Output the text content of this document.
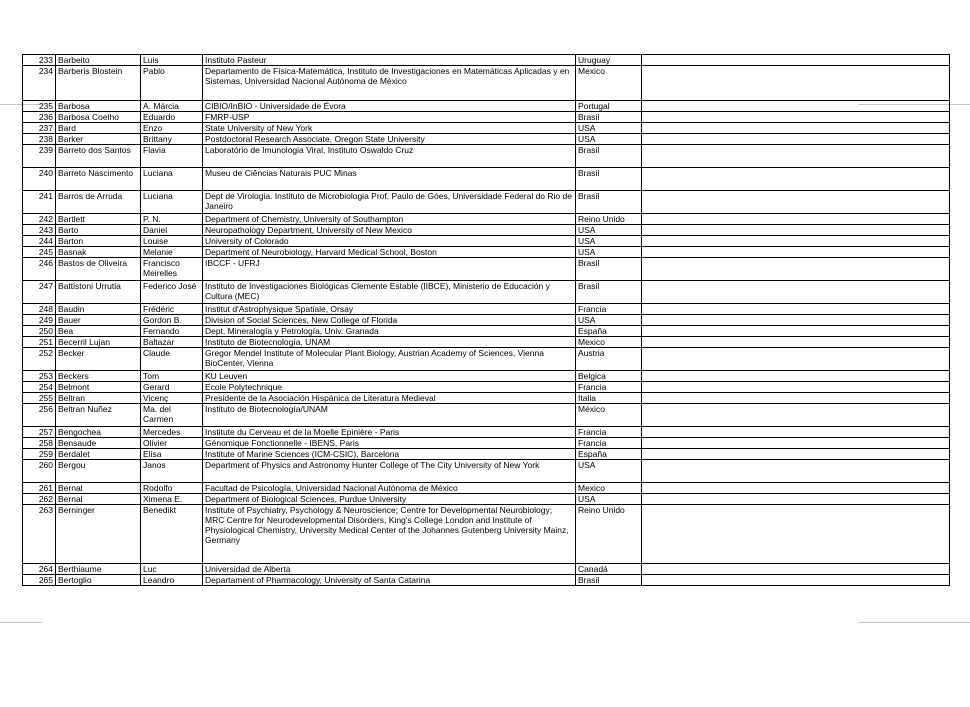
233	Barbeito	Luis	Instituto Pasteur	Uruguay	
234	Barberis Blostein	Pablo	Departamento de Física-Matemática, Instituto de Investigaciones en Matemáticas Aplicadas y en Sistemas, Universidad Nacional Autónoma de México	Mexico	
235	Barbosa	A. Márcia	CIBIO/InBIO - Universidade de Évora	Portugal	
236	Barbosa Coelho	Eduardo	FMRP-USP	Brasil	
237	Bard	Enzo	State University of New York	USA	
238	Barker	Brittany	Postdoctoral Research Associate, Oregon State University	USA	
239	Barreto dos Santos	Flavia	Laboratório de Imunologia Viral, Instituto Oswaldo Cruz	Brasil	
240	Barreto Nascimento	Luciana	Museu de Ciências Naturais PUC Minas	Brasil	
241	Barros de Arruda	Luciana	Dept de Virologia. Instituto de Microbiologia Prof. Paulo de Góes, Universidade Federal do Rio de Janeiro	Brasil	
242	Bartlett	P. N.	Department of Chemistry, University of Southampton	Reino Unido	
243	Barto	Daniel	Neuropathology Department, University of New Mexico	USA	
244	Barton	Louise	University of Colorado	USA	
245	Basnak	Melanie	Department of Neurobiology, Harvard Medical School, Boston	USA	
246	Bastos de Oliveira	Francisco Meirelles	IBCCF - UFRJ	Brasil	
247	Battistoni Urrutia	Federico José	Instituto de Investigaciones Biológicas Clemente Estable (IIBCE), Ministerio de Educación y Cultura (MEC)	Brasil	
248	Baudin	Frédéric	Institut d'Astrophysique Spatiale, Orsay	Francia	
249	Bauer	Gordon B.	Division of Social Sciences, New College of Florida	USA	
250	Bea	Fernando	Dept. Mineralogía y Petrología, Univ. Granada	España	
251	Becerril Lujan	Baltazar	Instituto de Biotecnología, UNAM	Mexico	
252	Becker	Claude	Gregor Mendel Institute of Molecular Plant Biology, Austrian Academy of Sciences, Vienna BioCenter, Vienna	Austria	
253	Beckers	Tom	KU Leuven	Belgica	
254	Belmont	Gerard	Ecole Polytechnique	Francia	
255	Beltran	Vicenç	Presidente de la Asociación Hispánica de Literatura Medieval	Italia	
256	Beltran Nuñez	Ma. del Carmen	Instituto de Biotecnología/UNAM	México	
257	Bengochea	Mercedes	Institute du Cerveau et de la Moelle Epinière - Paris	Francia	
258	Bensaude	Olivier	Génomique Fonctionnelle - IBENS, Paris	Francia	
259	Berdalet	Elisa	Institute of Marine Sciences (ICM-CSIC), Barcelona	España	
260	Bergou	Janos	Department of Physics and Astronomy Hunter College of The City University of New York	USA	
261	Bernal	Rodolfo	Facultad de Psicología, Universidad Nacional Autónoma de México	Mexico	
262	Bernal	Ximena E.	Department of Biological Sciences, Purdue University	USA	
263	Berninger	Benedikt	Institute of Psychiatry, Psychology & Neuroscience; Centre for Developmental Neurobiology; MRC Centre for Neurodevelopmental Disorders, King's College London and Institute of Physiological Chemistry, University Medical Center of the Johannes Gutenberg University Mainz, Germany	Reino Unido	
264	Berthiaume	Luc	Universidad de Alberta	Canadá	
265	Bertoglio	Leandro	Departament of Pharmacology, University of Santa Catarina	Brasil	
